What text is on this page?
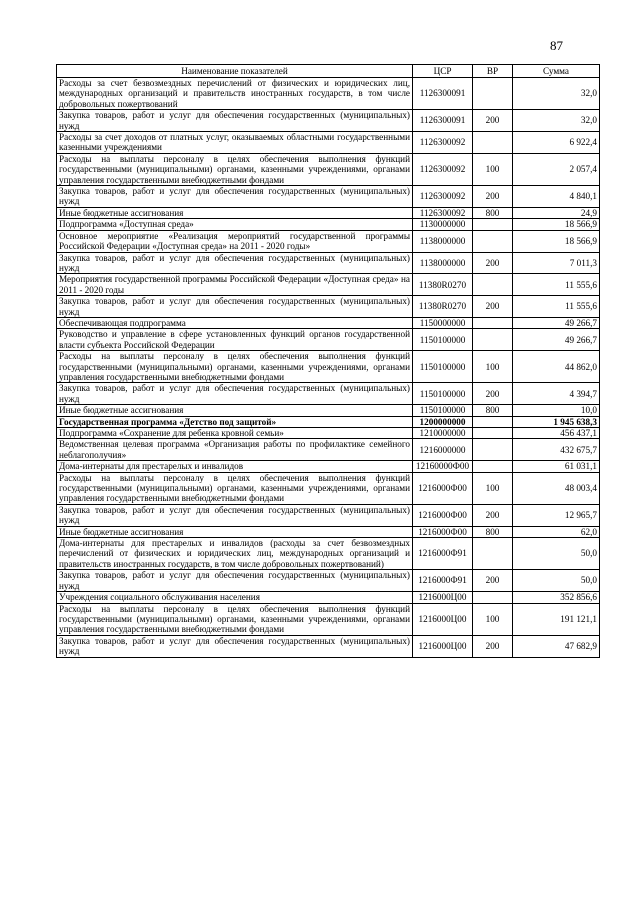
87
Наименование показателей	ЦСР	ВР	Сумма
Расходы за счет безвозмездных перечислений от физических и юридических лиц, международных организаций и правительств иностранных государств, в том числе добровольных пожертвований	1126300091		32,0
Закупка товаров, работ и услуг для обеспечения государственных (муниципальных) нужд	1126300091	200	32,0
Расходы за счет доходов от платных услуг, оказываемых областными государственными казенными учреждениями	1126300092		6 922,4
Расходы на выплаты персоналу в целях обеспечения выполнения функций государственными (муниципальными) органами, казенными учреждениями, органами управления государственными внебюджетными фондами	1126300092	100	2 057,4
Закупка товаров, работ и услуг для обеспечения государственных (муниципальных) нужд	1126300092	200	4 840,1
Иные бюджетные ассигнования	1126300092	800	24,9
Подпрограмма «Доступная среда»	1130000000		18 566,9
Основное мероприятие «Реализация мероприятий государственной программы Российской Федерации «Доступная среда» на 2011 - 2020 годы»	1138000000		18 566,9
Закупка товаров, работ и услуг для обеспечения государственных (муниципальных) нужд	1138000000	200	7 011,3
Мероприятия государственной программы Российской Федерации «Доступная среда» на 2011 - 2020 годы	11380R0270		11 555,6
Закупка товаров, работ и услуг для обеспечения государственных (муниципальных) нужд	11380R0270	200	11 555,6
Обеспечивающая подпрограмма	1150000000		49 266,7
Руководство и управление в сфере установленных функций органов государственной власти субъекта Российской Федерации	1150100000		49 266,7
Расходы на выплаты персоналу в целях обеспечения выполнения функций государственными (муниципальными) органами, казенными учреждениями, органами управления государственными внебюджетными фондами	1150100000	100	44 862,0
Закупка товаров, работ и услуг для обеспечения государственных (муниципальных) нужд	1150100000	200	4 394,7
Иные бюджетные ассигнования	1150100000	800	10,0
Государственная программа «Детство под защитой»	1200000000		1 945 638,3
Подпрограмма «Сохранение для ребенка кровной семьи»	1210000000		456 437,1
Ведомственная целевая программа «Организация работы по профилактике семейного неблагополучия»	1216000000		432 675,7
Дома-интернаты для престарелых и инвалидов	12160000Ф00		61 031,1
Расходы на выплаты персоналу в целях обеспечения выполнения функций государственными (муниципальными) органами, казенными учреждениями, органами управления государственными внебюджетными фондами	1216000Ф00	100	48 003,4
Закупка товаров, работ и услуг для обеспечения государственных (муниципальных) нужд	1216000Ф00	200	12 965,7
Иные бюджетные ассигнования	1216000Ф00	800	62,0
Дома-интернаты для престарелых и инвалидов (расходы за счет безвозмездных перечислений от физических и юридических лиц, международных организаций и правительств иностранных государств, в том числе добровольных пожертвований)	1216000Ф91		50,0
Закупка товаров, работ и услуг для обеспечения государственных (муниципальных) нужд	1216000Ф91	200	50,0
Учреждения социального обслуживания населения	1216000Ц00		352 856,6
Расходы на выплаты персоналу в целях обеспечения выполнения функций государственными (муниципальными) органами, казенными учреждениями, органами управления государственными внебюджетными фондами	1216000Ц00	100	191 121,1
Закупка товаров, работ и услуг для обеспечения государственных (муниципальных) нужд	1216000Ц00	200	47 682,9
